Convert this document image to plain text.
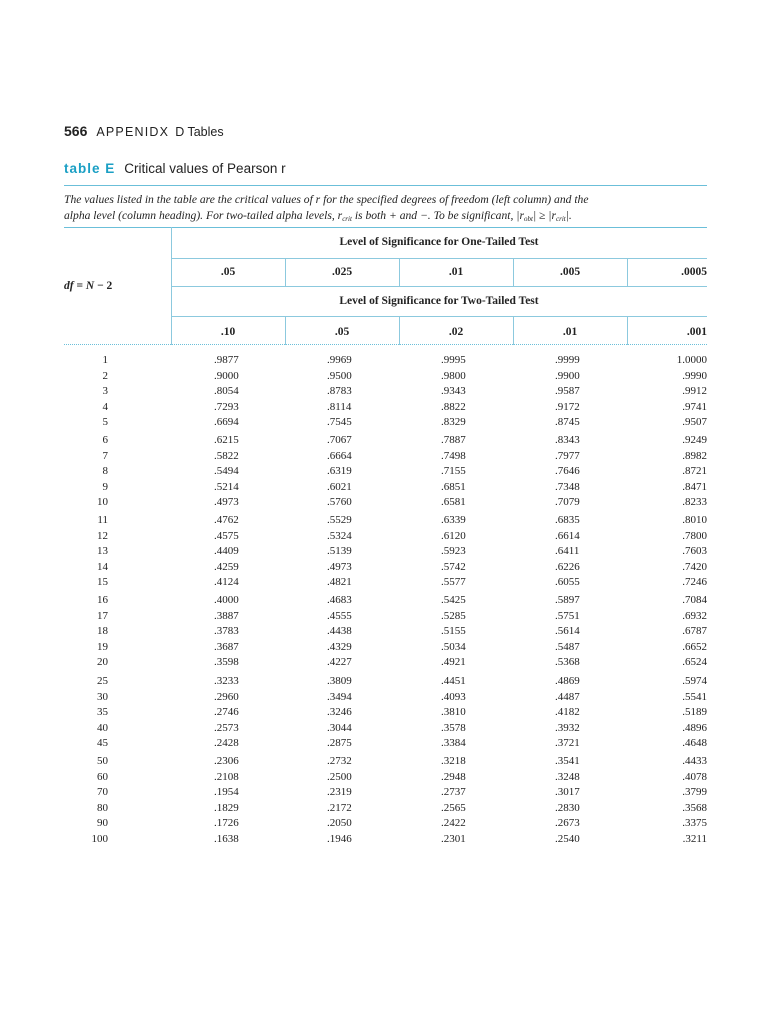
566 APPENIDX D Tables
table E Critical values of Pearson r
The values listed in the table are the critical values of r for the specified degrees of freedom (left column) and the
alpha level (column heading). For two-tailed alpha levels, $r_{crit}$ is both + and −. To be significant, $|r_{obt}| \ge |r_{crit}|$.
Level of Significance for One-Tailed Test
df = N − 2
.05	.025	.01	.005	.0005
Level of Significance for Two-Tailed Test
.10	.05	.02	.01	.001
1	.9877	.9969	.9995	.9999	1.0000
2	.9000	.9500	.9800	.9900	.9990
3	.8054	.8783	.9343	.9587	.9912
4	.7293	.8114	.8822	.9172	.9741
5	.6694	.7545	.8329	.8745	.9507
6	.6215	.7067	.7887	.8343	.9249
7	.5822	.6664	.7498	.7977	.8982
8	.5494	.6319	.7155	.7646	.8721
9	.5214	.6021	.6851	.7348	.8471
10	.4973	.5760	.6581	.7079	.8233
11	.4762	.5529	.6339	.6835	.8010
12	.4575	.5324	.6120	.6614	.7800
13	.4409	.5139	.5923	.6411	.7603
14	.4259	.4973	.5742	.6226	.7420
15	.4124	.4821	.5577	.6055	.7246
16	.4000	.4683	.5425	.5897	.7084
17	.3887	.4555	.5285	.5751	.6932
18	.3783	.4438	.5155	.5614	.6787
19	.3687	.4329	.5034	.5487	.6652
20	.3598	.4227	.4921	.5368	.6524
25	.3233	.3809	.4451	.4869	.5974
30	.2960	.3494	.4093	.4487	.5541
35	.2746	.3246	.3810	.4182	.5189
40	.2573	.3044	.3578	.3932	.4896
45	.2428	.2875	.3384	.3721	.4648
50	.2306	.2732	.3218	.3541	.4433
60	.2108	.2500	.2948	.3248	.4078
70	.1954	.2319	.2737	.3017	.3799
80	.1829	.2172	.2565	.2830	.3568
90	.1726	.2050	.2422	.2673	.3375
100	.1638	.1946	.2301	.2540	.3211
